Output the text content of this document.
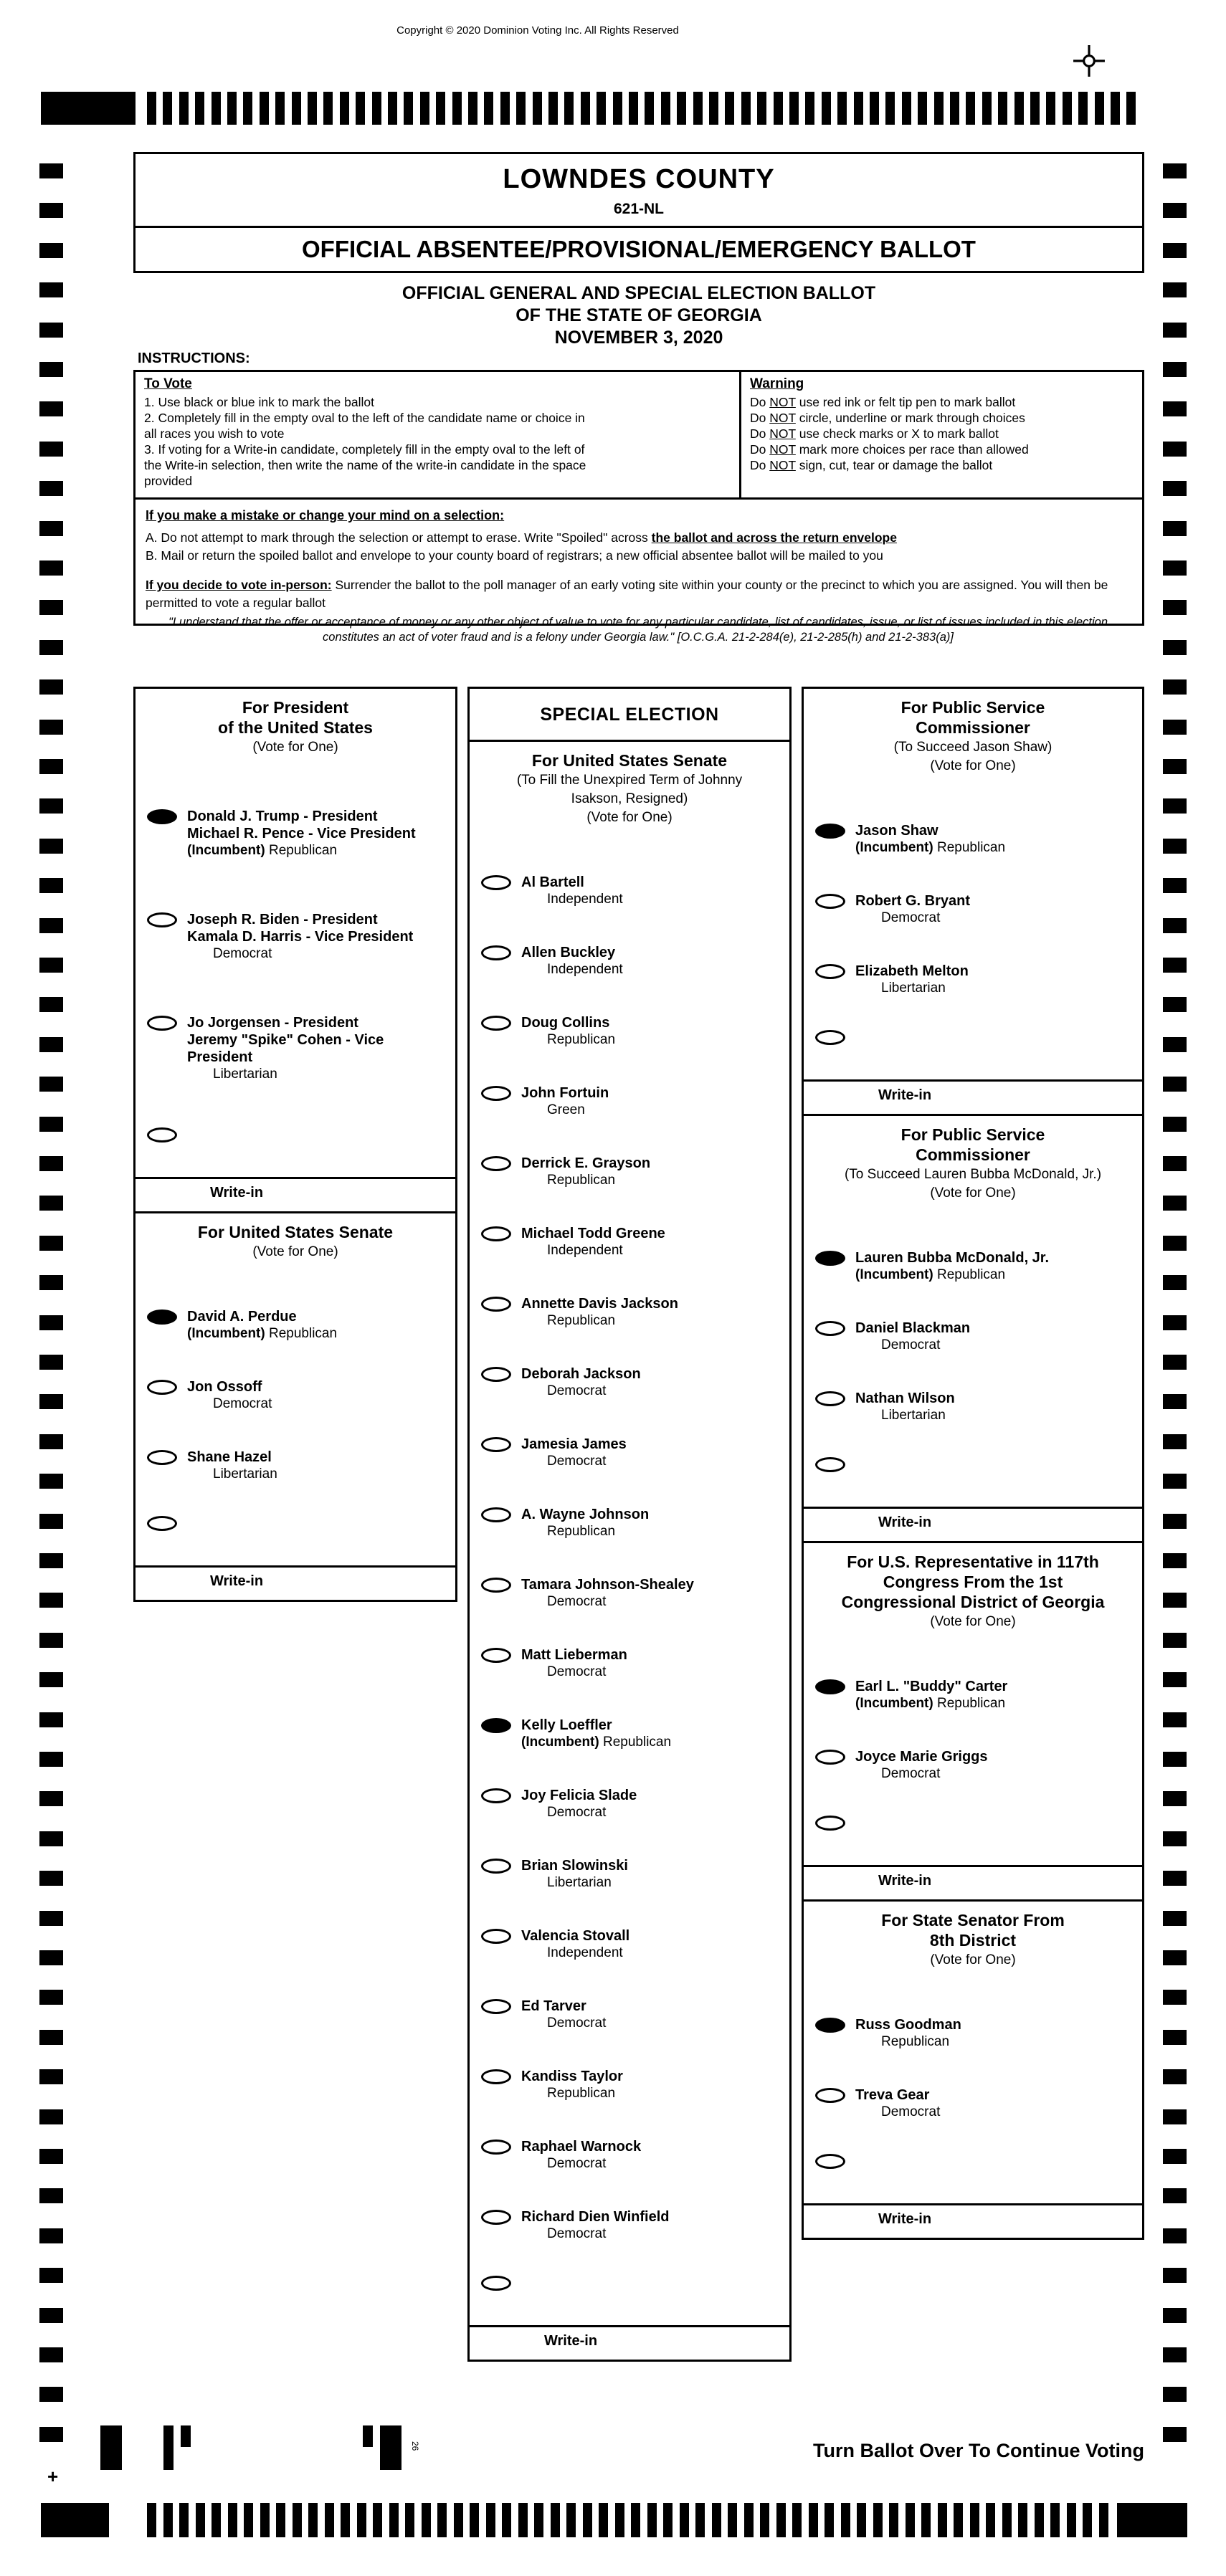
Copyright © 2020 Dominion Voting Inc. All Rights Reserved
LOWNDES COUNTY
621-NL
OFFICIAL ABSENTEE/PROVISIONAL/EMERGENCY BALLOT
OFFICIAL GENERAL AND SPECIAL ELECTION BALLOT
OF THE STATE OF GEORGIA
NOVEMBER 3, 2020
INSTRUCTIONS:
To Vote
1. Use black or blue ink to mark the ballot
2. Completely fill in the empty oval to the left of the candidate name or choice in
all races you wish to vote
3. If voting for a Write-in candidate, completely fill in the empty oval to the left of
the Write-in selection, then write the name of the write-in candidate in the space
provided
Warning
Do NOT use red ink or felt tip pen to mark ballot
Do NOT circle, underline or mark through choices
Do NOT use check marks or X to mark ballot
Do NOT mark more choices per race than allowed
Do NOT sign, cut, tear or damage the ballot
If you make a mistake or change your mind on a selection:
A. Do not attempt to mark through the selection or attempt to erase. Write "Spoiled" across the ballot and across the return envelope
B. Mail or return the spoiled ballot and envelope to your county board of registrars; a new official absentee ballot will be mailed to you
If you decide to vote in-person: Surrender the ballot to the poll manager of an early voting site within your county or the precinct to which you are assigned. You will then be permitted to vote a regular ballot
"I understand that the offer or acceptance of money or any other object of value to vote for any particular candidate, list of candidates, issue, or list of issues included in this election constitutes an act of voter fraud and is a felony under Georgia law." [O.C.G.A. 21-2-284(e), 21-2-285(h) and 21-2-383(a)]
For President
of the United States
(Vote for One)
Donald J. Trump - President
Michael R. Pence - Vice President
(Incumbent) Republican
Joseph R. Biden - President
Kamala D. Harris - Vice President
Democrat
Jo Jorgensen - President
Jeremy "Spike" Cohen - Vice President
Libertarian
Write-in
For United States Senate
(Vote for One)
David A. Perdue
(Incumbent) Republican
Jon Ossoff
Democrat
Shane Hazel
Libertarian
Write-in
SPECIAL ELECTION
For United States Senate
(To Fill the Unexpired Term of Johnny
Isakson, Resigned)
(Vote for One)
Al Bartell
Independent
Allen Buckley
Independent
Doug Collins
Republican
John Fortuin
Green
Derrick E. Grayson
Republican
Michael Todd Greene
Independent
Annette Davis Jackson
Republican
Deborah Jackson
Democrat
Jamesia James
Democrat
A. Wayne Johnson
Republican
Tamara Johnson-Shealey
Democrat
Matt Lieberman
Democrat
Kelly Loeffler
(Incumbent) Republican
Joy Felicia Slade
Democrat
Brian Slowinski
Libertarian
Valencia Stovall
Independent
Ed Tarver
Democrat
Kandiss Taylor
Republican
Raphael Warnock
Democrat
Richard Dien Winfield
Democrat
Write-in
For Public Service
Commissioner
(To Succeed Jason Shaw)
(Vote for One)
Jason Shaw
(Incumbent) Republican
Robert G. Bryant
Democrat
Elizabeth Melton
Libertarian
Write-in
For Public Service
Commissioner
(To Succeed Lauren Bubba McDonald, Jr.)
(Vote for One)
Lauren Bubba McDonald, Jr.
(Incumbent) Republican
Daniel Blackman
Democrat
Nathan Wilson
Libertarian
Write-in
For U.S. Representative in 117th
Congress From the 1st
Congressional District of Georgia
(Vote for One)
Earl L. "Buddy" Carter
(Incumbent) Republican
Joyce Marie Griggs
Democrat
Write-in
For State Senator From
8th District
(Vote for One)
Russ Goodman
Republican
Treva Gear
Democrat
Write-in
Turn Ballot Over To Continue Voting
+
26
